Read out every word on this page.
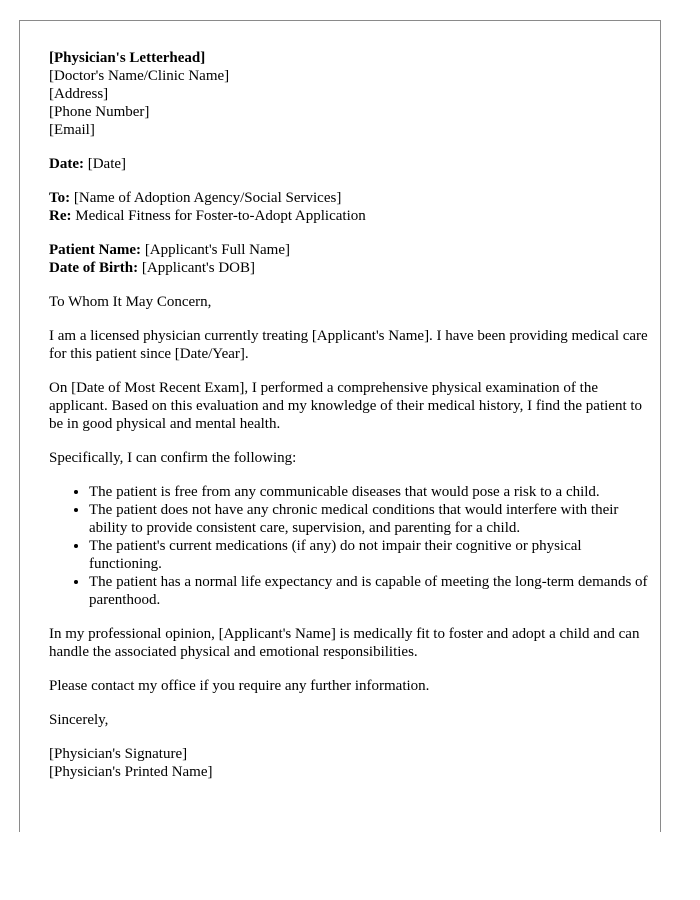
[Physician's Letterhead]
[Doctor's Name/Clinic Name]
[Address]
[Phone Number]
[Email]

Date: [Date]

To: [Name of Adoption Agency/Social Services]
Re: Medical Fitness for Foster-to-Adopt Application

Patient Name: [Applicant's Full Name]
Date of Birth: [Applicant's DOB]

To Whom It May Concern,

I am a licensed physician currently treating [Applicant's Name]. I have been providing medical care for this patient since [Date/Year].

On [Date of Most Recent Exam], I performed a comprehensive physical examination of the applicant. Based on this evaluation and my knowledge of their medical history, I find the patient to be in good physical and mental health.

Specifically, I can confirm the following:

• The patient is free from any communicable diseases that would pose a risk to a child.
• The patient does not have any chronic medical conditions that would interfere with their ability to provide consistent care, supervision, and parenting for a child.
• The patient's current medications (if any) do not impair their cognitive or physical functioning.
• The patient has a normal life expectancy and is capable of meeting the long-term demands of parenthood.

In my professional opinion, [Applicant's Name] is medically fit to foster and adopt a child and can handle the associated physical and emotional responsibilities.

Please contact my office if you require any further information.

Sincerely,

[Physician's Signature]
[Physician's Printed Name]
